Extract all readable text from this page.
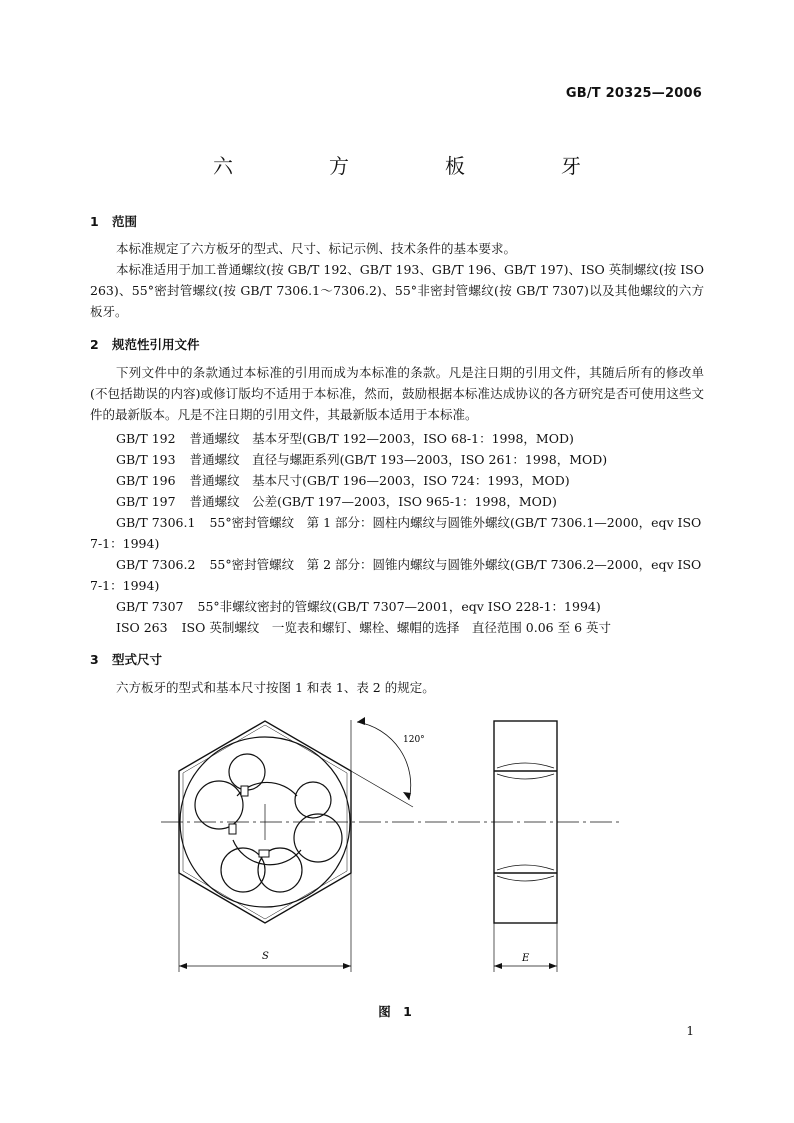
GB/T 20325—2006
六　方　板　牙
1 范围
本标准规定了六方板牙的型式、尺寸、标记示例、技术条件的基本要求。
本标准适用于加工普通螺纹(按 GB/T 192、GB/T 193、GB/T 196、GB/T 197)、ISO 英制螺纹(按 ISO 263)、55°密封管螺纹(按 GB/T 7306.1～7306.2)、55°非密封管螺纹(按 GB/T 7307)以及其他螺纹的六方板牙。
2 规范性引用文件
下列文件中的条款通过本标准的引用而成为本标准的条款。凡是注日期的引用文件，其随后所有的修改单(不包括勘误的内容)或修订版均不适用于本标准，然而，鼓励根据本标准达成协议的各方研究是否可使用这些文件的最新版本。凡是不注日期的引用文件，其最新版本适用于本标准。
GB/T 192 普通螺纹　基本牙型(GB/T 192—2003，ISO 68-1：1998，MOD)
GB/T 193 普通螺纹　直径与螺距系列(GB/T 193—2003，ISO 261：1998，MOD)
GB/T 196 普通螺纹　基本尺寸(GB/T 196—2003，ISO 724：1993，MOD)
GB/T 197 普通螺纹　公差(GB/T 197—2003，ISO 965-1：1998，MOD)
GB/T 7306.1 55°密封管螺纹　第 1 部分：圆柱内螺纹与圆锥外螺纹(GB/T 7306.1—2000，eqv ISO 7-1：1994)
GB/T 7306.2 55°密封管螺纹　第 2 部分：圆锥内螺纹与圆锥外螺纹(GB/T 7306.2—2000，eqv ISO 7-1：1994)
GB/T 7307 55°非螺纹密封的管螺纹(GB/T 7307—2001，eqv ISO 228-1：1994)
ISO 263 ISO 英制螺纹　一览表和螺钉、螺栓、螺帽的选择　直径范围 0.06 至 6 英寸
3 型式尺寸
六方板牙的型式和基本尺寸按图 1 和表 1、表 2 的规定。
120°
S	E
图 1
1
